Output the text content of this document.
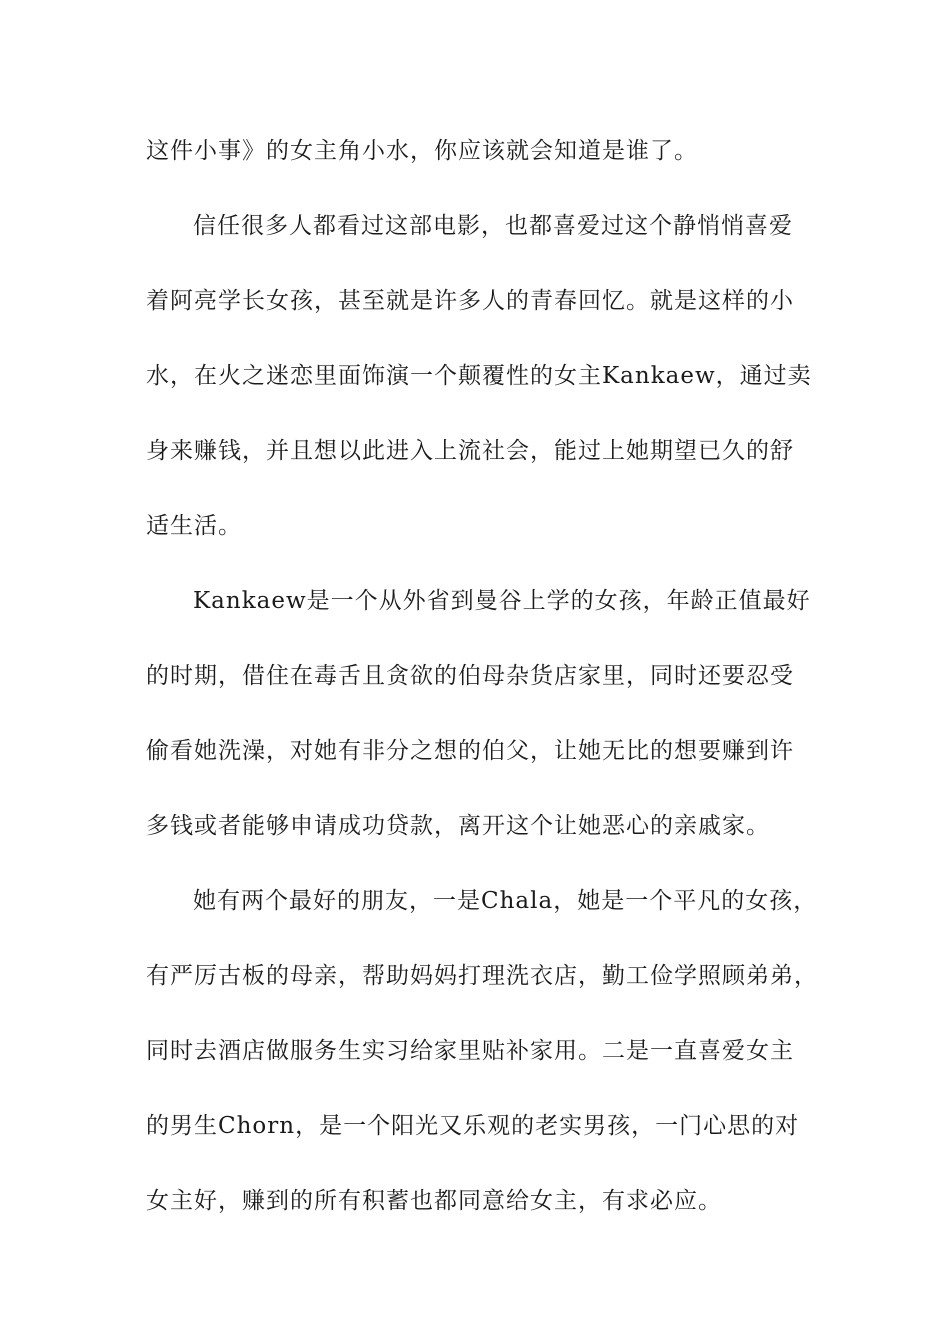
这件小事》的女主角小水，你应该就会知道是谁了。
信任很多人都看过这部电影，也都喜爱过这个静悄悄喜爱
着阿亮学长女孩，甚至就是许多人的青春回忆。就是这样的小
水，在火之迷恋里面饰演一个颠覆性的女主Kankaew，通过卖
身来赚钱，并且想以此进入上流社会，能过上她期望已久的舒
适生活。
Kankaew是一个从外省到曼谷上学的女孩，年龄正值最好
的时期，借住在毒舌且贪欲的伯母杂货店家里，同时还要忍受
偷看她洗澡，对她有非分之想的伯父，让她无比的想要赚到许
多钱或者能够申请成功贷款，离开这个让她恶心的亲戚家。
她有两个最好的朋友，一是Chala，她是一个平凡的女孩，
有严厉古板的母亲，帮助妈妈打理洗衣店，勤工俭学照顾弟弟，
同时去酒店做服务生实习给家里贴补家用。二是一直喜爱女主
的男生Chorn，是一个阳光又乐观的老实男孩，一门心思的对
女主好，赚到的所有积蓄也都同意给女主，有求必应。
